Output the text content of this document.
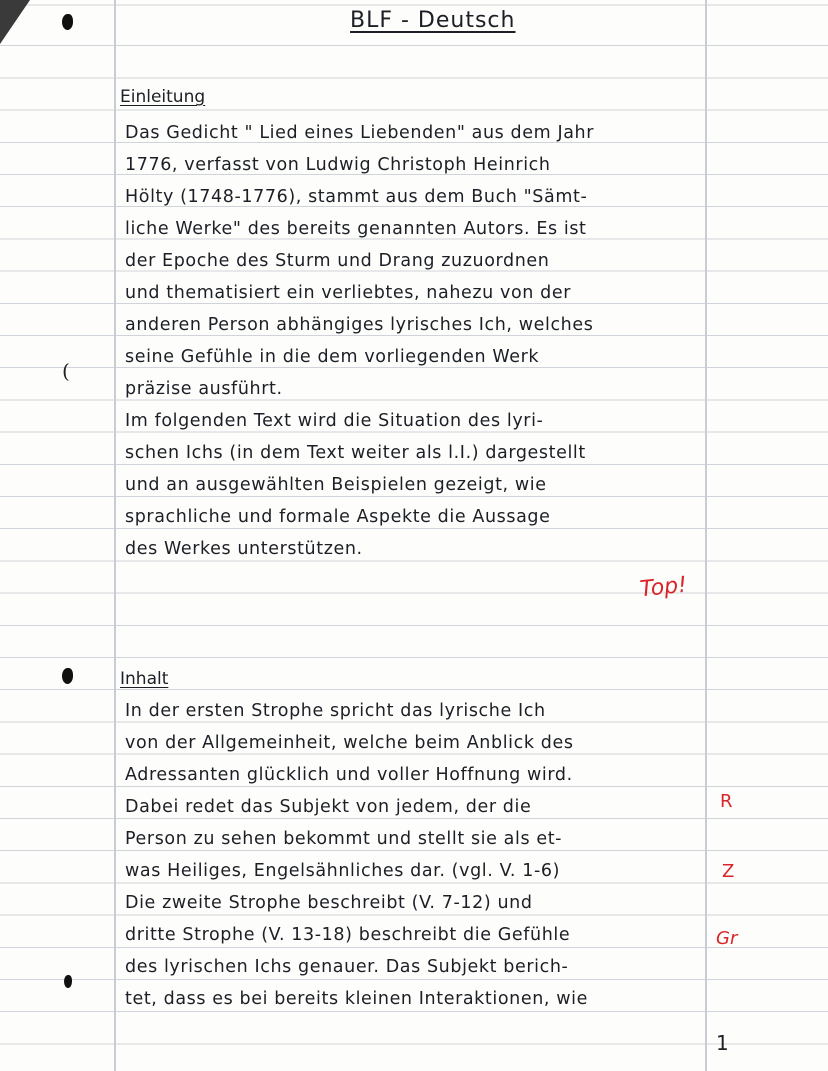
(
BLF - Deutsch
Einleitung
Das Gedicht " Lied eines Liebenden" aus dem Jahr
1776, verfasst von Ludwig Christoph Heinrich
Hölty (1748-1776), stammt aus dem Buch "Sämt-
liche Werke" des bereits genannten Autors. Es ist
der Epoche des Sturm und Drang zuzuordnen
und thematisiert ein verliebtes, nahezu von der
anderen Person abhängiges lyrisches Ich, welches
seine Gefühle in die dem vorliegenden Werk
präzise ausführt.
Im folgenden Text wird die Situation des lyri-
schen Ichs (in dem Text weiter als l.I.) dargestellt
und an ausgewählten Beispielen gezeigt, wie
sprachliche und formale Aspekte die Aussage
des Werkes unterstützen.
Top!
Inhalt
In der ersten Strophe spricht das lyrische Ich
von der Allgemeinheit, welche beim Anblick des
Adressanten glücklich und voller Hoffnung wird.
Dabei redet das Subjekt von jedem, der die
Person zu sehen bekommt und stellt sie als et-
was Heiliges, Engelsähnliches dar. (vgl. V. 1-6)
Die zweite Strophe beschreibt (V. 7-12) und
dritte Strophe (V. 13-18) beschreibt die Gefühle
des lyrischen Ichs genauer. Das Subjekt berich-
tet, dass es bei bereits kleinen Interaktionen, wie
R
Z
Gr
1
